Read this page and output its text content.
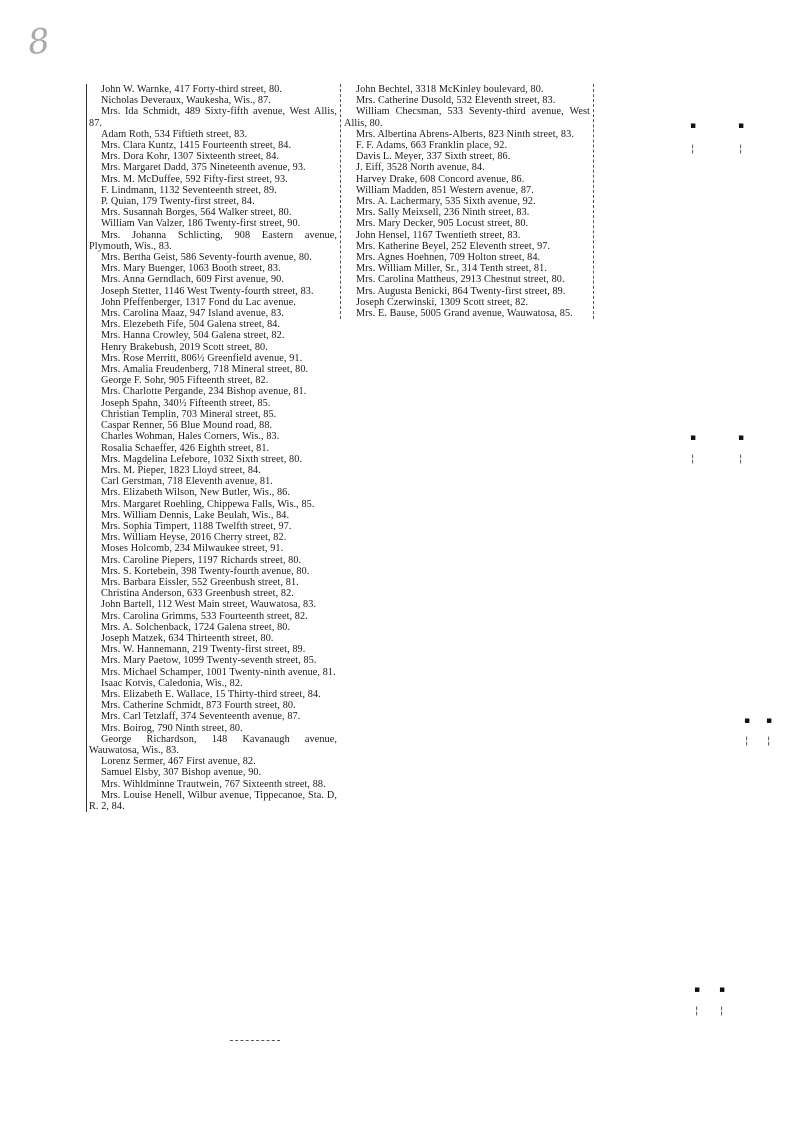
8

John W. Warnke, 417 Forty-third street, 80.

Nicholas Deveraux, Waukesha, Wis., 87.

Mrs. Ida Schmidt, 489 Sixty-fifth avenue, West Allis, 87.

Adam Roth, 534 Fiftieth street, 83.

Mrs. Clara Kuntz, 1415 Fourteenth street, 84.

Mrs. Dora Kohr, 1307 Sixteenth street, 84.

Mrs. Margaret Dadd, 375 Nineteenth avenue, 93.

Mrs. M. McDuffee, 592 Fifty-first street, 93.

F. Lindmann, 1132 Seventeenth street, 89.

P. Quian, 179 Twenty-first street, 84.

Mrs. Susannah Borges, 564 Walker street, 80.

William Van Valzer, 186 Twenty-first street, 90.

Mrs. Johanna Schlicting, 908 Eastern avenue, Plymouth, Wis., 83.

Mrs. Bertha Geist, 586 Seventy-fourth avenue, 80.

Mrs. Mary Buenger, 1063 Booth street, 83.

Mrs. Anna Gerndlach, 609 First avenue, 90.

Joseph Stetter, 1146 West Twenty-fourth street, 83.

John Pfeffenberger, 1317 Fond du Lac avenue.

Mrs. Carolina Maaz, 947 Island avenue, 83.

Mrs. Elezebeth Fife, 504 Galena street, 84.

Mrs. Hanna Crowley, 504 Galena street, 82.

Henry Brakebush, 2019 Scott street, 80.

Mrs. Rose Merritt, 806½ Greenfield avenue, 91.

Mrs. Amalia Freudenberg, 718 Mineral street, 80.

George F. Sohr, 905 Fifteenth street, 82.

Mrs. Charlotte Pergande, 234 Bishop avenue, 81.

Joseph Spahn, 340½ Fifteenth street, 85.

Christian Templin, 703 Mineral street, 85.

Caspar Renner, 56 Blue Mound road, 88.

Charles Wohman, Hales Corners, Wis., 83.

Rosalia Schaeffer, 426 Eighth street, 81.

Mrs. Magdelina Lefebore, 1032 Sixth street, 80.

Mrs. M. Pieper, 1823 Lloyd street, 84.

Carl Gerstman, 718 Eleventh avenue, 81.

Mrs. Elizabeth Wilson, New Butler, Wis., 86.

Mrs. Margaret Roehling, Chippewa Falls, Wis., 85.

Mrs. William Dennis, Lake Beulah, Wis., 84.

Mrs. Sophia Timpert, 1188 Twelfth street, 97.

Mrs. William Heyse, 2016 Cherry street, 82.

Moses Holcomb, 234 Milwaukee street, 91.

Mrs. Caroline Piepers, 1197 Richards street, 80.

Mrs. S. Kortebein, 398 Twenty-fourth avenue, 80.

Mrs. Barbara Eissler, 552 Greenbush street, 81.

Christina Anderson, 633 Greenbush street, 82.

John Bartell, 112 West Main street, Wauwatosa, 83.

Mrs. Carolina Grimms, 533 Fourteenth street, 82.

Mrs. A. Solchenback, 1724 Galena street, 80.

Joseph Matzek, 634 Thirteenth street, 80.

Mrs. W. Hannemann, 219 Twenty-first street, 89.

Mrs. Mary Paetow, 1099 Twenty-seventh street, 85.

Mrs. Michael Schamper, 1001 Twenty-ninth avenue, 81.

Isaac Kotvis, Caledonia, Wis., 82.

Mrs. Elizabeth E. Wallace, 15 Thirty-third street, 84.

Mrs. Catherine Schmidt, 873 Fourth street, 80.

Mrs. Carl Tetzlaff, 374 Seventeenth avenue, 87.

Mrs. Boirog, 790 Ninth street, 80.

George Richardson, 148 Kavanaugh avenue, Wauwatosa, Wis., 83.

Lorenz Sermer, 467 First avenue, 82.

Samuel Elsby, 307 Bishop avenue, 90.

Mrs. Wihldminne Trautwein, 767 Sixteenth street, 88.

Mrs. Louise Henell, Wilbur avenue, Tippecanoe, Sta. D, R. 2, 84.

John Bechtel, 3318 McKinley boulevard, 80.

Mrs. Catherine Dusold, 532 Eleventh street, 83.

William Checsman, 533 Seventy-third avenue, West Allis, 80.

Mrs. Albertina Abrens-Alberts, 823 Ninth street, 83.

F. F. Adams, 663 Franklin place, 92.

Davis L. Meyer, 337 Sixth street, 86.

J. Eiff, 3528 North avenue, 84.

Harvey Drake, 608 Concord avenue, 86.

William Madden, 851 Western avenue, 87.

Mrs. A. Lachermary, 535 Sixth avenue, 92.

Mrs. Sally Meixsell, 236 Ninth street, 83.

Mrs. Mary Decker, 905 Locust street, 80.

John Hensel, 1167 Twentieth street, 83.

Mrs. Katherine Beyel, 252 Eleventh street, 97.

Mrs. Agnes Hoehnen, 709 Holton street, 84.

Mrs. William Miller, Sr., 314 Tenth street, 81.

Mrs. Carolina Mattheus, 2913 Chestnut street, 80.

Mrs. Augusta Benicki, 864 Twenty-first street, 89.

Joseph Czerwinski, 1309 Scott street, 82.

Mrs. E. Bause, 5005 Grand avenue, Wauwatosa, 85.

▪	▪
╎	╎
▪	▪
╎	╎
▪ ▪
╎ ╎
▪ ▪
╎ ╎
